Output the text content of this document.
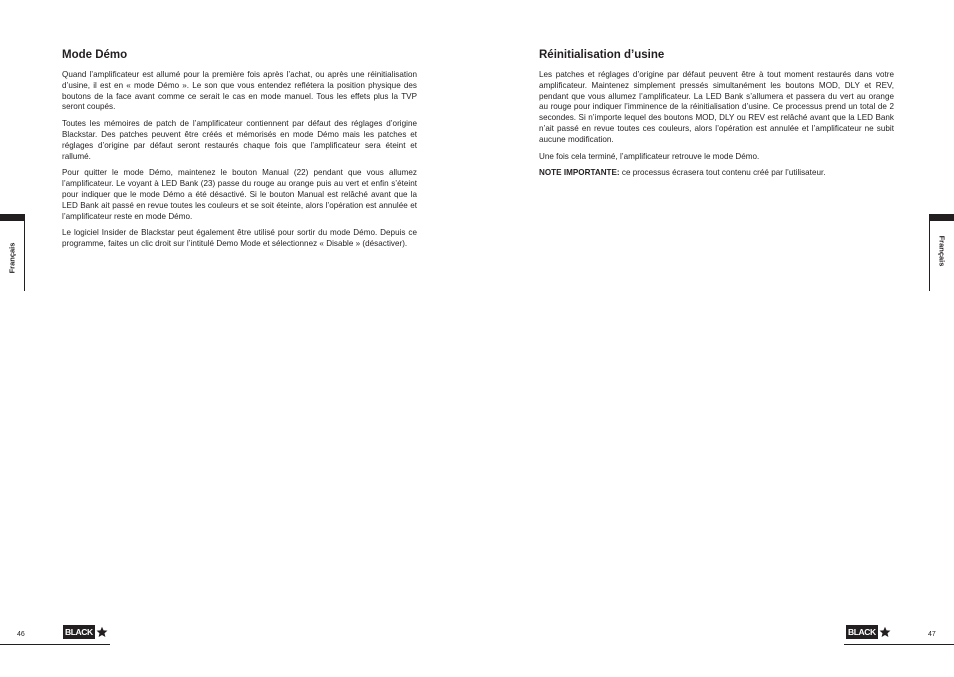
Mode Démo

Quand l’amplificateur est allumé pour la première fois après l’achat, ou après une réinitialisation d’usine, il est en « mode Démo ». Le son que vous entendez reflétera la position physique des boutons de la face avant comme ce serait le cas en mode manuel. Tous les effets plus la TVP seront coupés.

Toutes les mémoires de patch de l’amplificateur contiennent par défaut des réglages d’origine Blackstar. Des patches peuvent être créés et mémorisés en mode Démo mais les patches et réglages d’origine par défaut seront restaurés chaque fois que l’amplificateur sera éteint et rallumé.

Pour quitter le mode Démo, maintenez le bouton Manual (22) pendant que vous allumez l’amplificateur. Le voyant à LED Bank (23) passe du rouge au orange puis au vert et enfin s’éteint pour indiquer que le mode Démo a été désactivé. Si le bouton Manual est relâché avant que la LED Bank ait passé en revue toutes les couleurs et se soit éteinte, alors l’opération est annulée et l’amplificateur reste en mode Démo.

Le logiciel Insider de Blackstar peut également être utilisé pour sortir du mode Démo. Depuis ce programme, faites un clic droit sur l’intitulé Demo Mode et sélectionnez « Disable » (désactiver).

Français
46	BLACK
Réinitialisation d’usine

Les patches et réglages d’origine par défaut peuvent être à tout moment restaurés dans votre amplificateur. Maintenez simplement pressés simultanément les boutons MOD, DLY et REV, pendant que vous allumez l’amplificateur. La LED Bank s’allumera et passera du vert au orange au rouge pour indiquer l’imminence de la réinitialisation d’usine. Ce processus prend un total de 2 secondes. Si n’importe lequel des boutons MOD, DLY ou REV est relâché avant que la LED Bank n’ait passé en revue toutes ces couleurs, alors l’opération est annulée et l’amplificateur ne subit aucune modification.

Une fois cela terminé, l’amplificateur retrouve le mode Démo.

NOTE IMPORTANTE: ce processus écrasera tout contenu créé par l’utilisateur.

Français
47
BLACK
